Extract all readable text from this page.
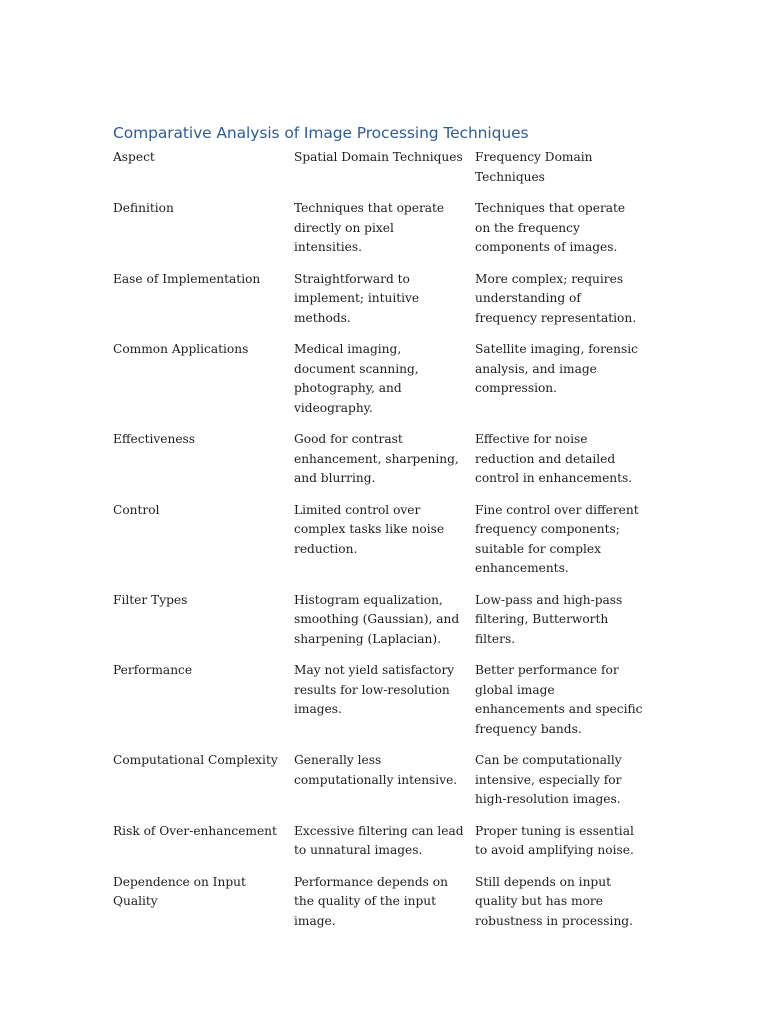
Comparative Analysis of Image Processing Techniques
Aspect	Spatial Domain Techniques	Frequency Domain Techniques
Definition	Techniques that operate directly on pixel intensities.	Techniques that operate on the frequency components of images.
Ease of Implementation	Straightforward to implement; intuitive methods.	More complex; requires understanding of frequency representation.
Common Applications	Medical imaging, document scanning, photography, and videography.	Satellite imaging, forensic analysis, and image compression.
Effectiveness	Good for contrast enhancement, sharpening, and blurring.	Effective for noise reduction and detailed control in enhancements.
Control	Limited control over complex tasks like noise reduction.	Fine control over different frequency components; suitable for complex enhancements.
Filter Types	Histogram equalization, smoothing (Gaussian), and sharpening (Laplacian).	Low-pass and high-pass filtering, Butterworth filters.
Performance	May not yield satisfactory results for low-resolution images.	Better performance for global image enhancements and specific frequency bands.
Computational Complexity	Generally less computationally intensive.	Can be computationally intensive, especially for high-resolution images.
Risk of Over-enhancement	Excessive filtering can lead to unnatural images.	Proper tuning is essential to avoid amplifying noise.
Dependence on Input Quality	Performance depends on the quality of the input image.	Still depends on input quality but has more robustness in processing.
